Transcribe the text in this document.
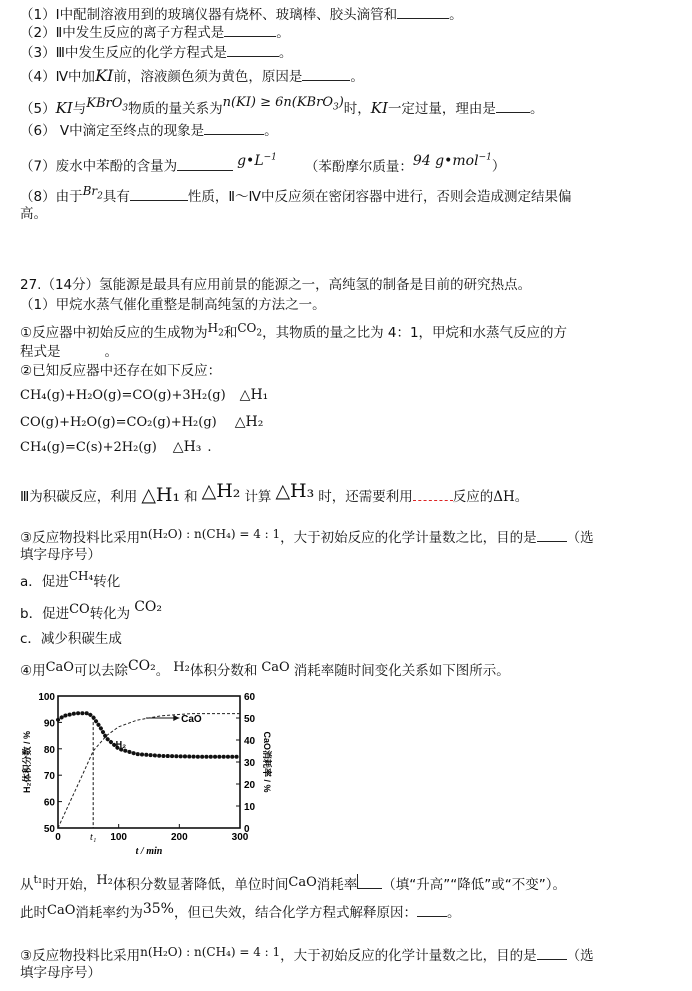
（1）Ⅰ中配制溶液用到的玻璃仪器有烧杯、玻璃棒、胶头滴管和	。
（2）Ⅱ中发生反应的离子方程式是	。
（3）Ⅲ中发生反应的化学方程式是	。
（4）Ⅳ中加KI前，溶液颜色须为黄色，原因是	。
（5）KI与KBrO$_3$物质的量关系为n(KI) ≥ 6n(KBrO$_3$)时，KI一定过量，理由是	。
（6） Ⅴ中滴定至终点的现象是	。
（7）废水中苯酚的含量为	$g•L^{-1}$（苯酚摩尔质量：94 g•mol$^{-1}$）
（8）由于$Br_2$具有	性质，Ⅱ～Ⅳ中反应须在密闭容器中进行，否则会造成测定结果偏
高。
27.（14分）氢能源是最具有应用前景的能源之一，高纯氢的制备是目前的研究热点。
（1）甲烷水蒸气催化重整是制高纯氢的方法之一。
①反应器中初始反应的生成物为$H_2$和$CO_2$，其物质的量之比为 4：1，甲烷和水蒸气反应的方
程式是	。
②已知反应器中还存在如下反应：
CH₄(g)+H₂O(g)=CO(g)+3H₂(g) △H₁
CO(g)+H₂O(g)=CO₂(g)+H₂(g) △H₂
CH₄(g)=C(s)+2H₂(g) △H₃ .
Ⅲ为积碳反应，利用 △H₁ 和 △H₂ 计算 △H₃ 时，还需要利用	反应的ΔH。
③反应物投料比采用n(H₂O) : n(CH₄) = 4 : 1，大于初始反应的化学计量数之比，目的是 （选
填字母序号）
a．促进CH₄转化
b．促进CO转化为 CO₂
c．减少积碳生成
④用CaO可以去除CO₂。 H₂体积分数和 CaO 消耗率随时间变化关系如下图所示。
50
60
70
80
90
100
0
10
20
30
40
50
60
0	100	200	300
t₁
H₂
CaO
t / min
H₂体积分数 / %	CaO消耗率 / %
从$^{t_1}$时开始，H₂体积分数显著降低，单位时间CaO消耗率 （填“升高”“降低”或“不变”）。
此时CaO消耗率约为35%，但已失效，结合化学方程式解释原因： 。
③反应物投料比采用n(H₂O) : n(CH₄) = 4 : 1，大于初始反应的化学计量数之比，目的是 （选
填字母序号）
